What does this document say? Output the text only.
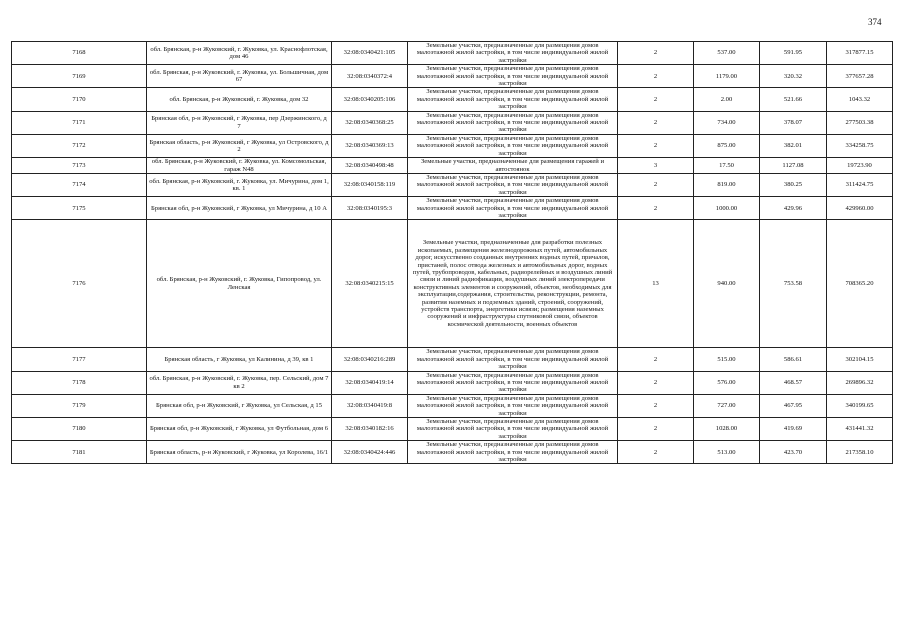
374
7168	обл. Брянская, р-н Жуковский, г. Жуковка, ул. Краснофлотская, дом 46	32:08:0340421:105	Земельные участки, предназначенные для размещения домов малоэтажной жилой застройки, в том числе индивидуальной жилой застройки	2	537.00	591.95	317877.15
7169	обл. Брянская, р-н Жуковский, г. Жуковка, ул. Большичная, дом 67	32:08:0340372:4	Земельные участки, предназначенные для размещения домов малоэтажной жилой застройки, в том числе индивидуальной жилой застройки	2	1179.00	320.32	377657.28
7170	обл. Брянская, р-н Жуковский, г. Жуковка, дом 32	32:08:0340205:106	Земельные участки, предназначенные для размещения домов малоэтажной жилой застройки, в том числе индивидуальной жилой застройки	2	2.00	521.66	1043.32
7171	Брянская обл, р-н Жуковский, г Жуковка, пер Дзержинского, д 7	32:08:0340368:25	Земельные участки, предназначенные для размещения домов малоэтажной жилой застройки, в том числе индивидуальной жилой застройки	2	734.00	378.07	277503.38
7172	Брянская область, р-н Жуковский, г Жуковка, ул Островского, д 2	32:08:0340369:13	Земельные участки, предназначенные для размещения домов малоэтажной жилой застройки, в том числе индивидуальной жилой застройки	2	875.00	382.01	334258.75
7173	обл. Брянская, р-н Жуковский, г. Жуковка, ул. Комсомольская, гараж N48	32:08:0340498:48	Земельные участки, предназначенные для размещения гаражей и автостоянок	3	17.50	1127.08	19723.90
7174	обл. Брянская, р-н Жуковский, г. Жуковка, ул. Мичурина, дом 1, кв. 1	32:08:0340158:119	Земельные участки, предназначенные для размещения домов малоэтажной жилой застройки, в том числе индивидуальной жилой застройки	2	819.00	380.25	311424.75
7175	Брянская обл, р-н Жуковский, г Жуковка, ул Мичурина, д 10 А	32:08:0340195:3	Земельные участки, предназначенные для размещения домов малоэтажной жилой застройки, в том числе индивидуальной жилой застройки	2	1000.00	429.96	429960.00
7176	обл. Брянская, р-н Жуковский, г. Жуковка, Гипопровод, ул. Ленская	32:08:0340215:15	Земельные участки, предназначенные для разработки полезных ископаемых, размещения железнодорожных путей, автомобильных дорог, искусственно созданных внутренних водных путей, причалов, пристаней, полос отвода железных и автомобильных дорог, водных путей, трубопроводов, кабельных, радиорелейных и воздушных линий связи и линий радиофикации, воздушных линий электропередачи конструктивных элементов и сооружений, объектов, необходимых для эксплуатации,содержания, строительства, реконструкции, ремонта, развития наземных и подземных зданий, строений, сооружений, устройств транспорта, энергетики исвязи; размещения наземных сооружений и инфраструктуры спутниковой связи, объектов космической деятельности, военных объектов	13	940.00	753.58	708365.20
7177	Брянская область, г Жуковка, ул Калинина, д 39, кв 1	32:08:0340216:289	Земельные участки, предназначенные для размещения домов малоэтажной жилой застройки, в том числе индивидуальной жилой застройки	2	515.00	586.61	302104.15
7178	обл. Брянская, р-н Жуковский, г. Жуковка, пер. Сельский, дом 7 кв 2	32:08:0340419:14	Земельные участки, предназначенные для размещения домов малоэтажной жилой застройки, в том числе индивидуальной жилой застройки	2	576.00	468.57	269896.32
7179	Брянская обл, р-н Жуковский, г Жуковка, ул Сельская, д 15	32:08:0340419:8	Земельные участки, предназначенные для размещения домов малоэтажной жилой застройки, в том числе индивидуальной жилой застройки	2	727.00	467.95	340199.65
7180	Брянская обл, р-н Жуковский, г Жуковка, ул Футбольная, дом 6	32:08:0340182:16	Земельные участки, предназначенные для размещения домов малоэтажной жилой застройки, в том числе индивидуальной жилой застройки	2	1028.00	419.69	431441.32
7181	Брянская область, р-н Жуковский, г Жуковка, ул Королева, 16/1	32:08:0340424:446	Земельные участки, предназначенные для размещения домов малоэтажной жилой застройки, в том числе индивидуальной жилой застройки	2	513.00	423.70	217358.10
